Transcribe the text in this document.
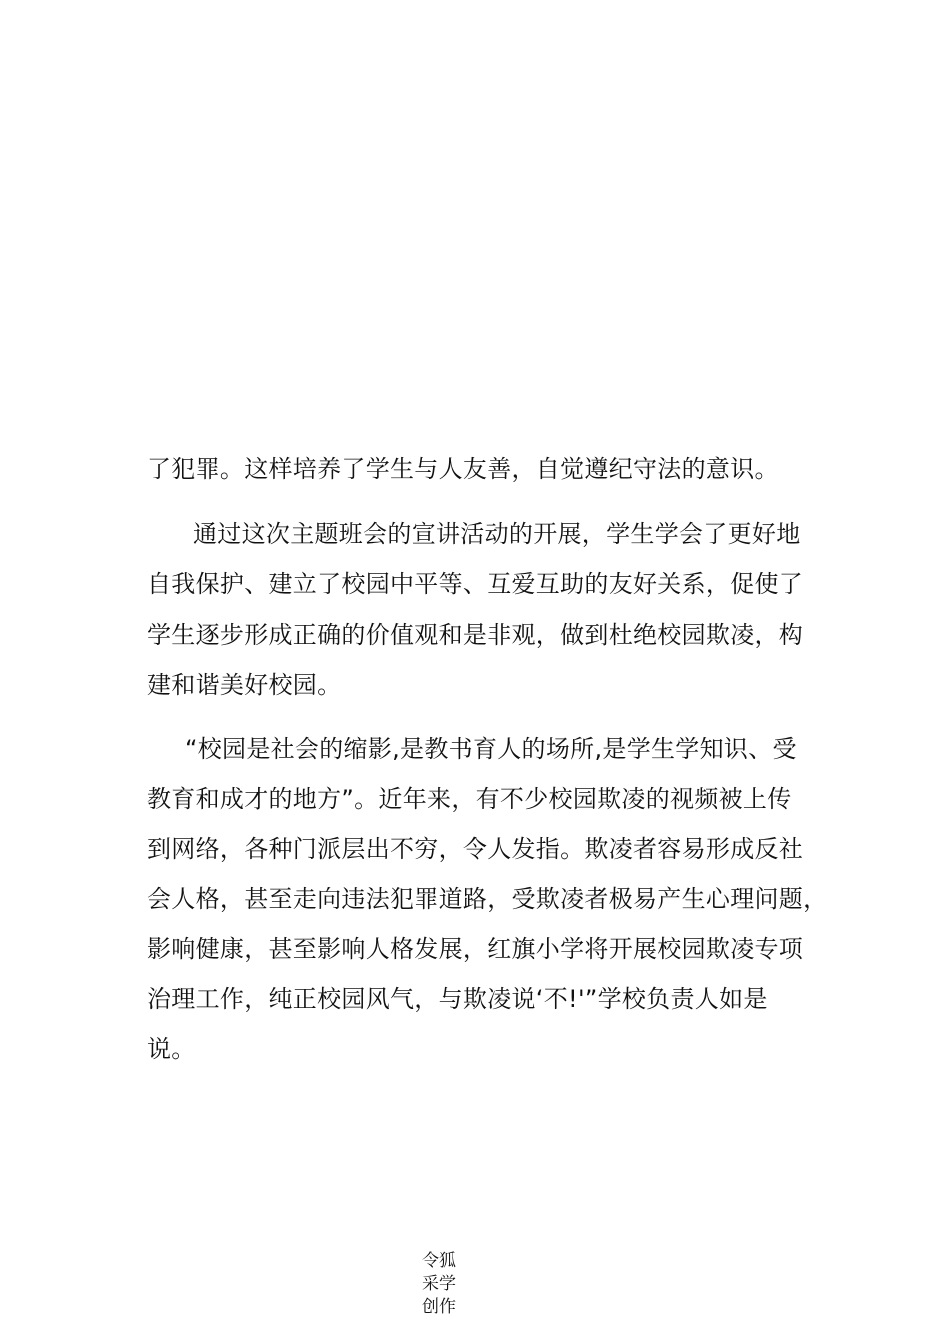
了犯罪。这样培养了学生与人友善，自觉遵纪守法的意识。
通过这次主题班会的宣讲活动的开展，学生学会了更好地
自我保护、建立了校园中平等、互爱互助的友好关系，促使了
学生逐步形成正确的价值观和是非观，做到杜绝校园欺凌，构
建和谐美好校园。
“校园是社会的缩影,是教书育人的场所,是学生学知识、受
教育和成才的地方”。近年来，有不少校园欺凌的视频被上传
到网络，各种门派层出不穷，令人发指。欺凌者容易形成反社
会人格，甚至走向违法犯罪道路，受欺凌者极易产生心理问题，
影响健康，甚至影响人格发展，红旗小学将开展校园欺凌专项
治理工作，纯正校园风气，与欺凌说‘不!'”学校负责人如是
说。
令狐
采学
创作
